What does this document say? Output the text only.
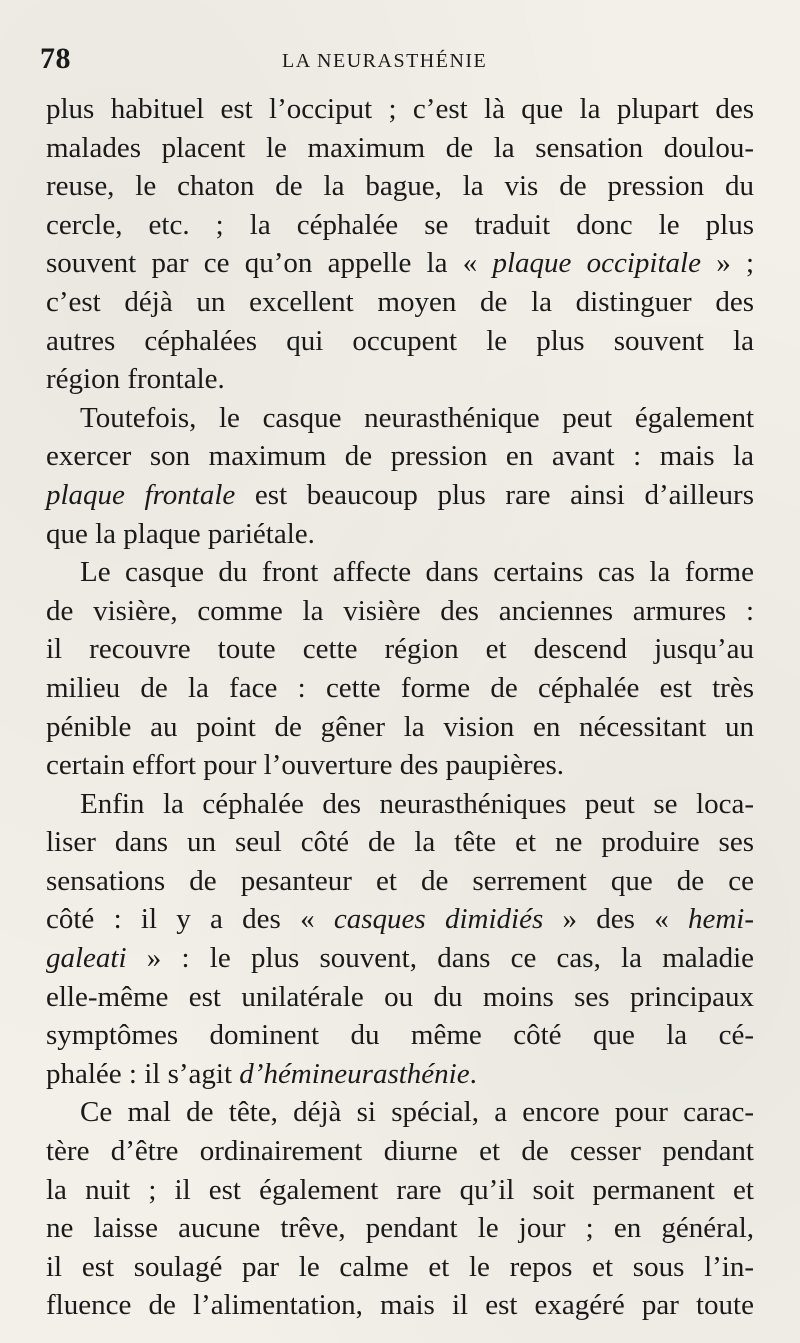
78	LA NEURASTHÉNIE
plus habituel est l’occiput ; c’est là que la plupart des
malades placent le maximum de la sensation doulou-
reuse, le chaton de la bague, la vis de pression du
cercle, etc. ; la céphalée se traduit donc le plus
souvent par ce qu’on appelle la « plaque occipitale » ;
c’est déjà un excellent moyen de la distinguer des
autres céphalées qui occupent le plus souvent la
région frontale.
Toutefois, le casque neurasthénique peut également
exercer son maximum de pression en avant : mais la
plaque frontale est beaucoup plus rare ainsi d’ailleurs
que la plaque pariétale.
Le casque du front affecte dans certains cas la forme
de visière, comme la visière des anciennes armures :
il recouvre toute cette région et descend jusqu’au
milieu de la face : cette forme de céphalée est très
pénible au point de gêner la vision en nécessitant un
certain effort pour l’ouverture des paupières.
Enfin la céphalée des neurasthéniques peut se loca-
liser dans un seul côté de la tête et ne produire ses
sensations de pesanteur et de serrement que de ce
côté : il y a des « casques dimidiés » des « hemi-
galeati » : le plus souvent, dans ce cas, la maladie
elle-même est unilatérale ou du moins ses principaux
symptômes dominent du même côté que la cé-
phalée : il s’agit d’hémineurasthénie.
Ce mal de tête, déjà si spécial, a encore pour carac-
tère d’être ordinairement diurne et de cesser pendant
la nuit ; il est également rare qu’il soit permanent et
ne laisse aucune trêve, pendant le jour ; en général,
il est soulagé par le calme et le repos et sous l’in-
fluence de l’alimentation, mais il est exagéré par toute
